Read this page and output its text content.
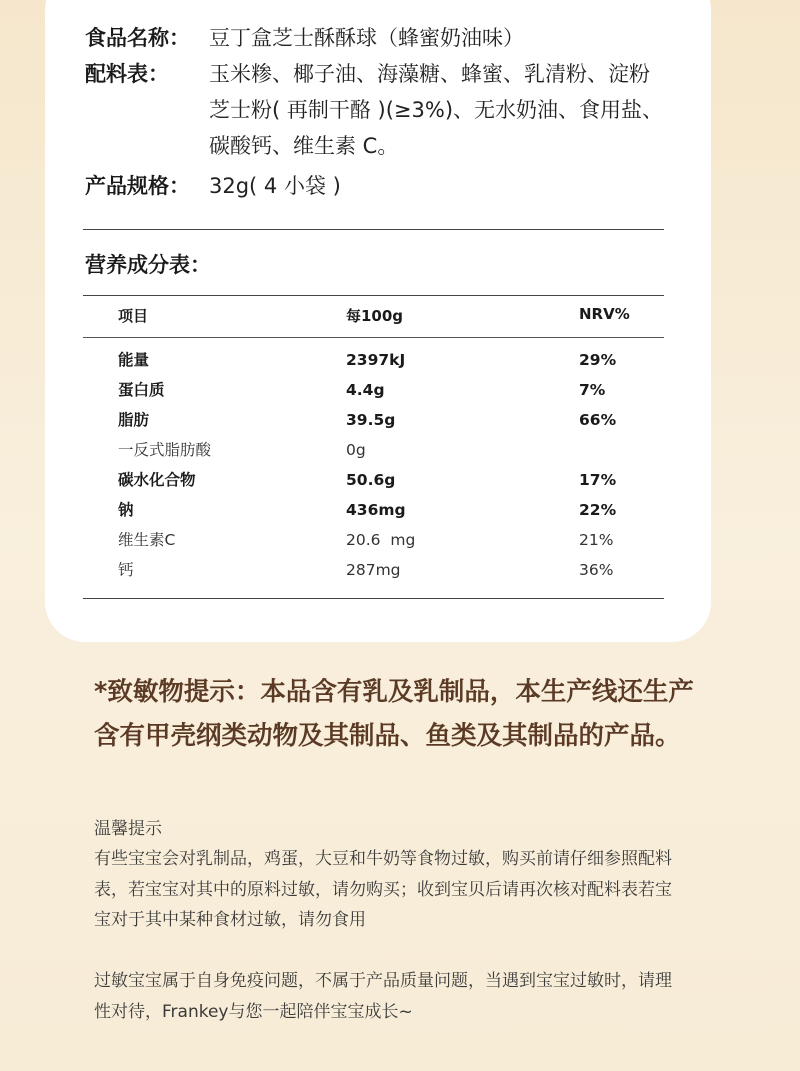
食品名称： 豆丁盒芝士酥酥球（蜂蜜奶油味）
配料表：	玉米糁、椰子油、海藻糖、蜂蜜、乳清粉、淀粉芝士粉( 再制干酪 )(≥3%)、无水奶油、食用盐、碳酸钙、维生素 C。
产品规格： 32g( 4 小袋 )
营养成分表：
项目	每100g	NRV%
能量	2397kJ	29%
蛋白质	4.4g	7%
脂肪	39.5g	66%
一反式脂肪酸	0g
碳水化合物	50.6g	17%
钠	436mg	22%
维生素C	20.6  mg	21%
钙	287mg	36%
*致敏物提示：本品含有乳及乳制品，本生产线还生产含有甲壳纲类动物及其制品、鱼类及其制品的产品。
温馨提示
有些宝宝会对乳制品，鸡蛋，大豆和牛奶等食物过敏，购买前请仔细参照配料表，若宝宝对其中的原料过敏，请勿购买；收到宝贝后请再次核对配料表若宝宝对于其中某种食材过敏，请勿食用
过敏宝宝属于自身免疫问题，不属于产品质量问题，当遇到宝宝过敏时，请理性对待，Frankey与您一起陪伴宝宝成长~
